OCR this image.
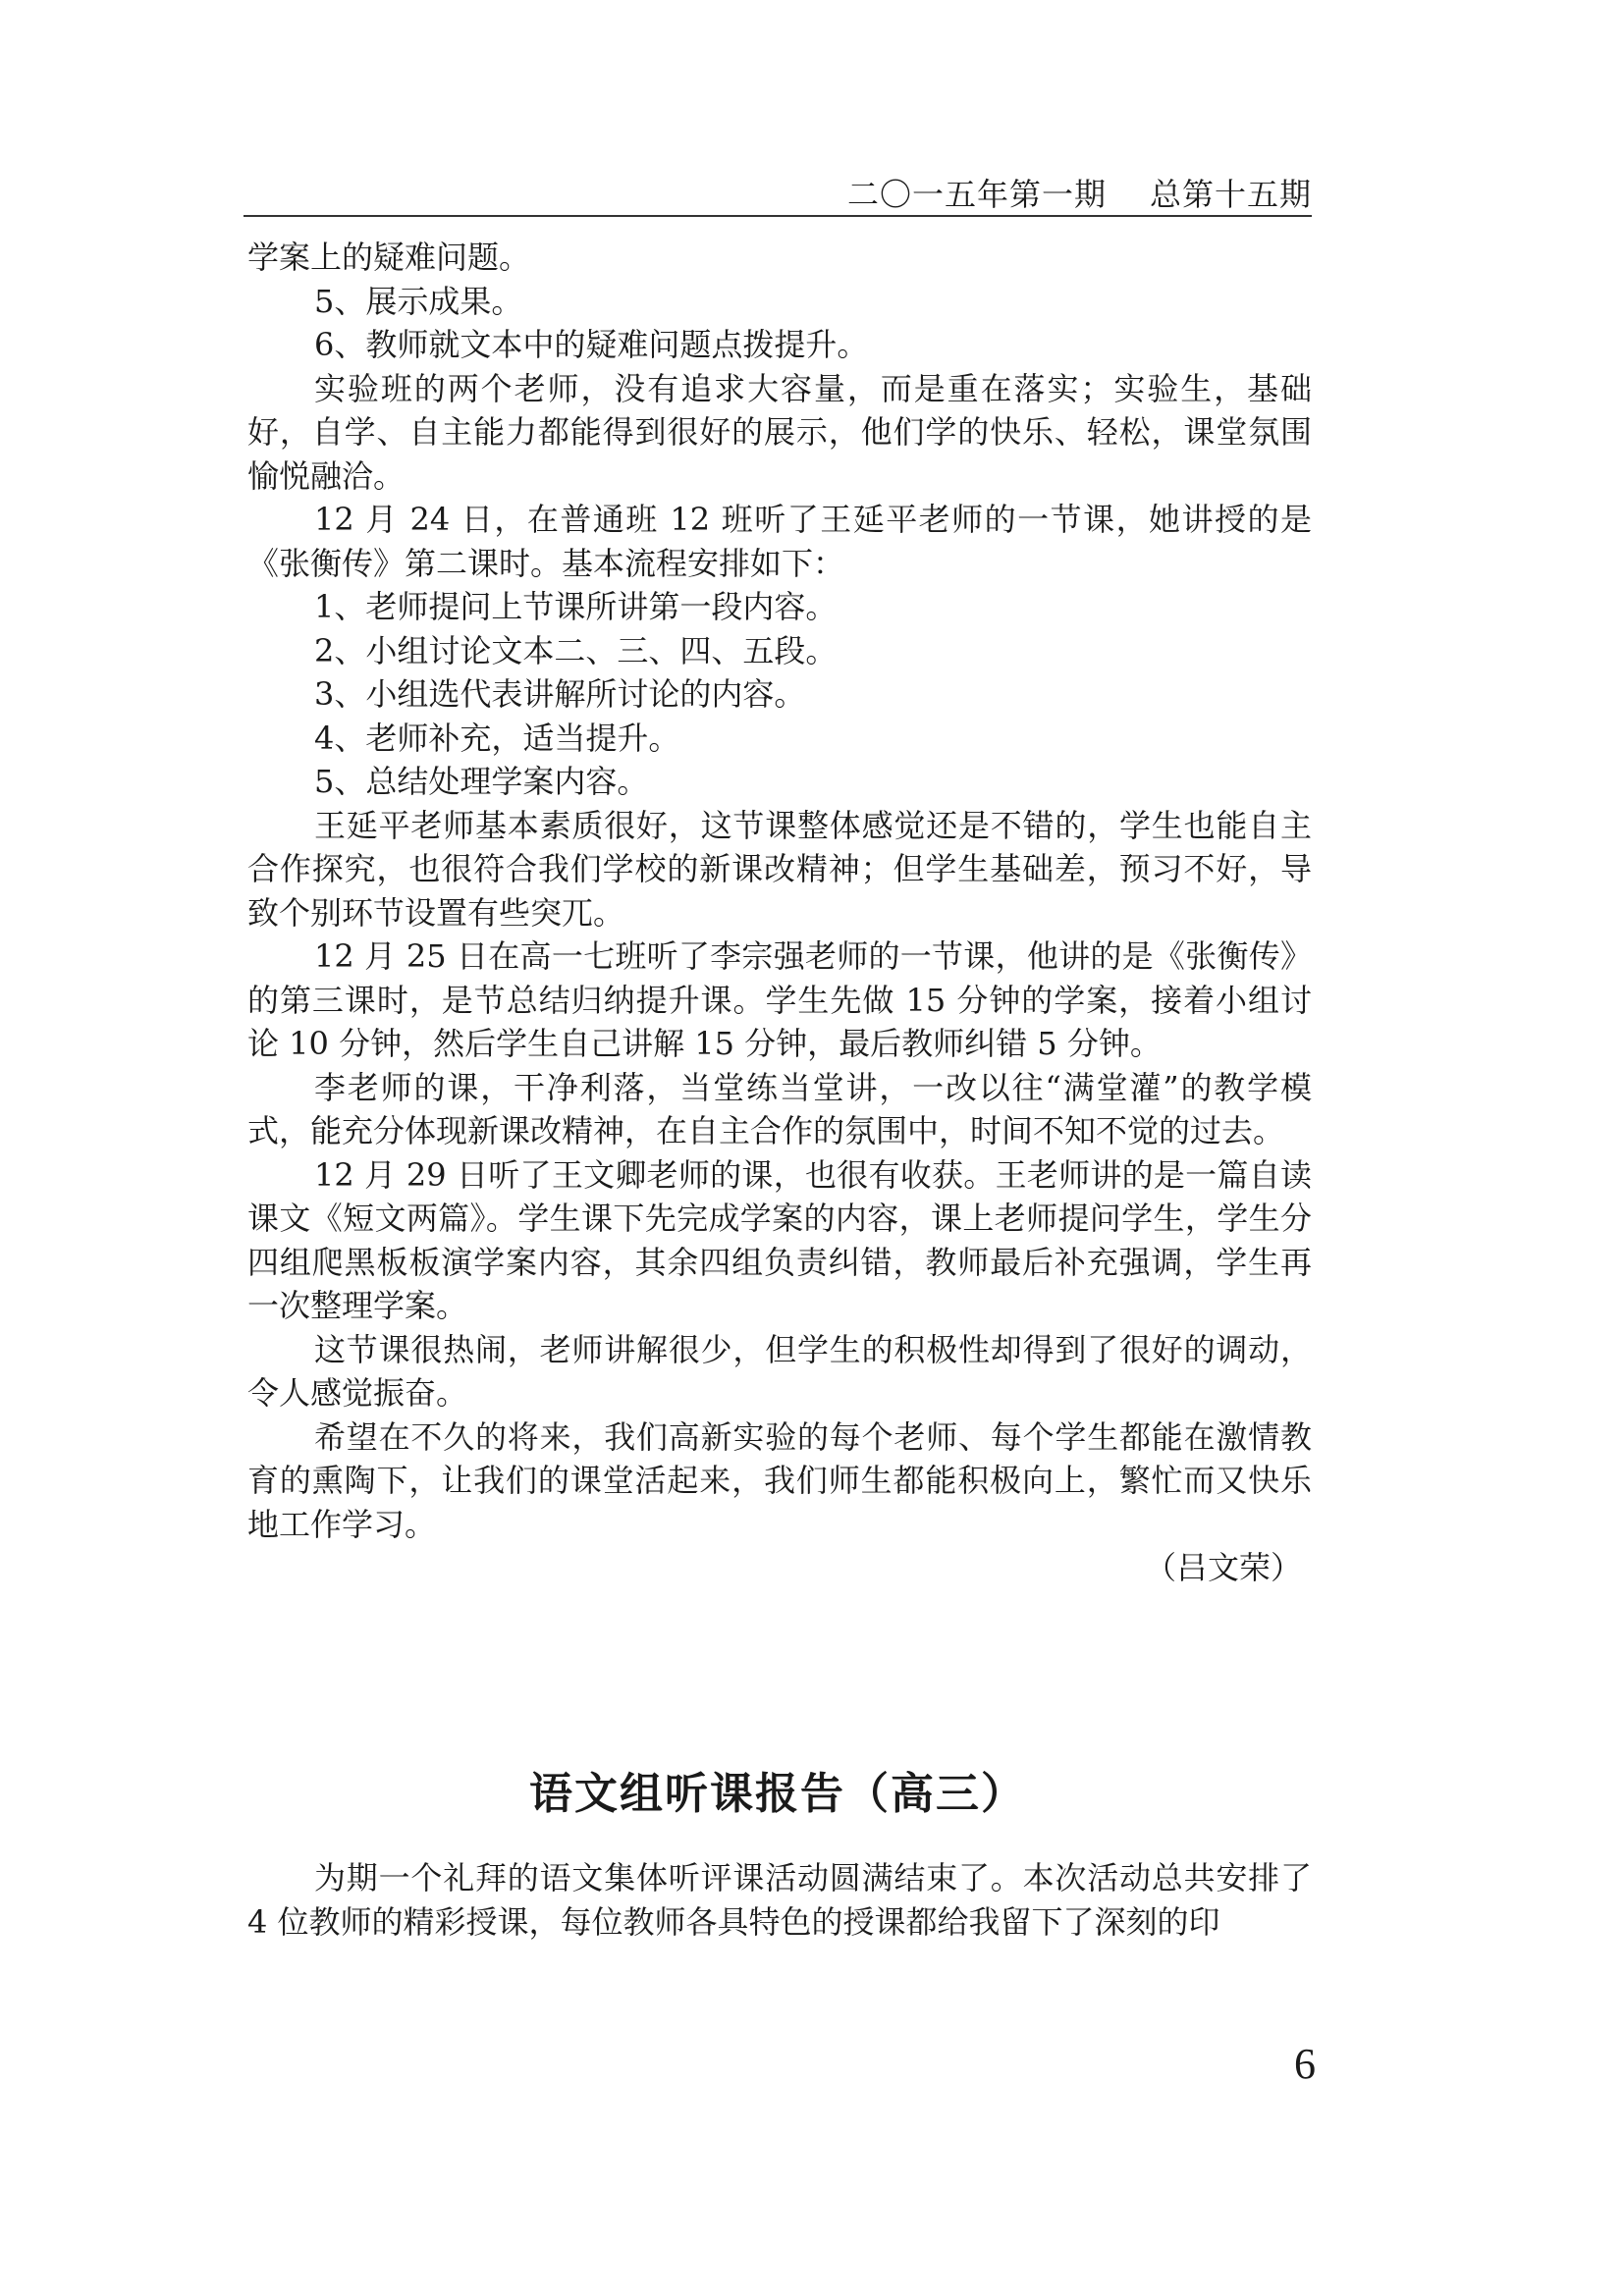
二〇一五年第一期 总第十五期

学案上的疑难问题。

5、展示成果。

6、教师就文本中的疑难问题点拨提升。

实验班的两个老师，没有追求大容量，而是重在落实；实验生，基础好，自学、自主能力都能得到很好的展示，他们学的快乐、轻松，课堂氛围愉悦融洽。

12 月 24 日，在普通班 12 班听了王延平老师的一节课，她讲授的是《张衡传》第二课时。基本流程安排如下：

1、老师提问上节课所讲第一段内容。

2、小组讨论文本二、三、四、五段。

3、小组选代表讲解所讨论的内容。

4、老师补充，适当提升。

5、总结处理学案内容。

王延平老师基本素质很好，这节课整体感觉还是不错的，学生也能自主合作探究，也很符合我们学校的新课改精神；但学生基础差，预习不好，导致个别环节设置有些突兀。

12 月 25 日在高一七班听了李宗强老师的一节课，他讲的是《张衡传》的第三课时，是节总结归纳提升课。学生先做 15 分钟的学案，接着小组讨论 10 分钟，然后学生自己讲解 15 分钟，最后教师纠错 5 分钟。

李老师的课，干净利落，当堂练当堂讲，一改以往“满堂灌”的教学模式，能充分体现新课改精神，在自主合作的氛围中，时间不知不觉的过去。

12 月 29 日听了王文卿老师的课，也很有收获。王老师讲的是一篇自读课文《短文两篇》。学生课下先完成学案的内容，课上老师提问学生，学生分四组爬黑板板演学案内容，其余四组负责纠错，教师最后补充强调，学生再一次整理学案。

这节课很热闹，老师讲解很少，但学生的积极性却得到了很好的调动，令人感觉振奋。

希望在不久的将来，我们高新实验的每个老师、每个学生都能在激情教育的熏陶下，让我们的课堂活起来，我们师生都能积极向上，繁忙而又快乐地工作学习。

（吕文荣）

语文组听课报告（高三）

为期一个礼拜的语文集体听评课活动圆满结束了。本次活动总共安排了 4 位教师的精彩授课，每位教师各具特色的授课都给我留下了深刻的印

6
